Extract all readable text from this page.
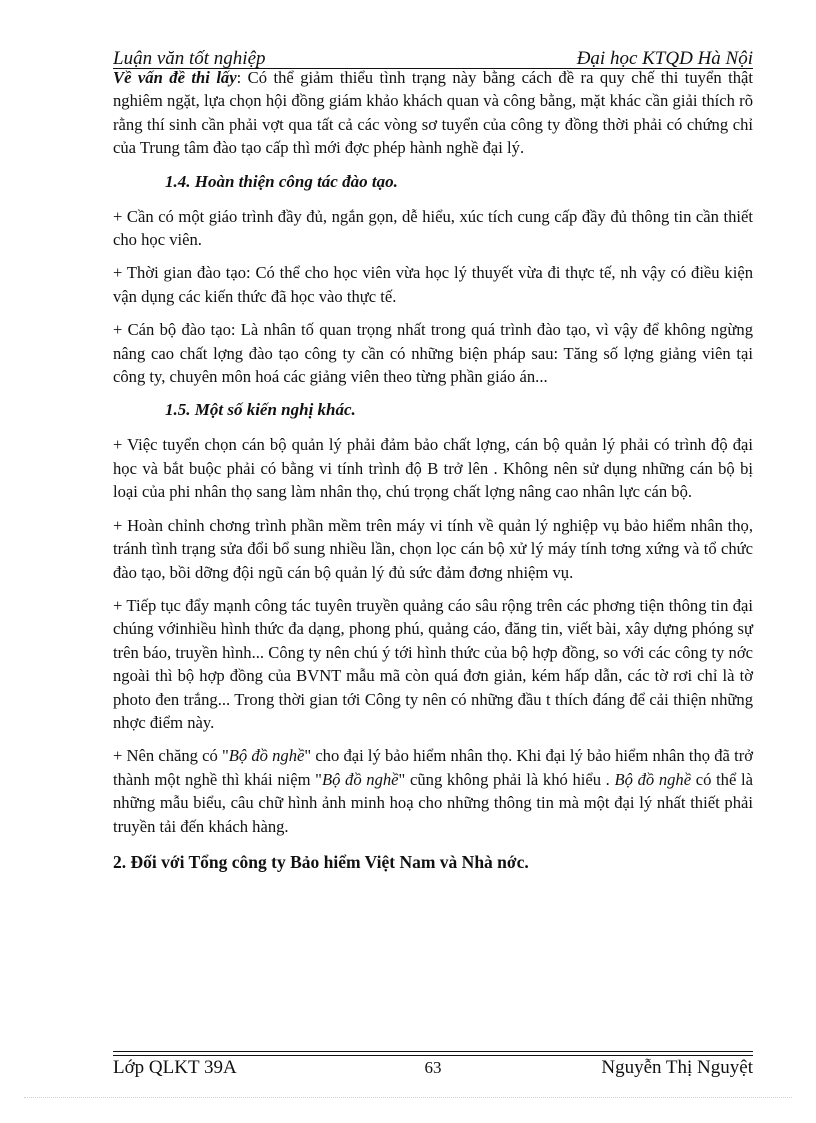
Luận văn tốt nghiệp	Đại học KTQD Hà Nội

Về vấn đề thi lấy: Có thể giảm thiểu tình trạng này bằng cách đề ra quy chế thi tuyển thật nghiêm ngặt, lựa chọn hội đồng giám khảo khách quan và công bằng, mặt khác cần giải thích rõ rằng thí sinh cần phải vợt qua tất cả các vòng sơ tuyển của công ty đồng thời phải có chứng chỉ của Trung tâm đào tạo cấp thì mới đợc phép hành nghề đại lý.

1.4. Hoàn thiện công tác đào tạo.

+ Cần có một giáo trình đầy đủ, ngắn gọn, dễ hiểu, xúc tích cung cấp đầy đủ thông tin cần thiết cho học viên.

+ Thời gian đào tạo: Có thể cho học viên vừa học lý thuyết vừa đi thực tế, nh vậy có điều kiện vận dụng các kiến thức đã học vào thực tế.

+ Cán bộ đào tạo: Là nhân tố quan trọng nhất trong quá trình đào tạo, vì vậy để không ngừng nâng cao chất lợng đào tạo công ty cần có những biện pháp sau: Tăng số lợng giảng viên tại công ty, chuyên môn hoá các giảng viên theo từng phần giáo án...

1.5. Một số kiến nghị khác.

+ Việc tuyển chọn cán bộ quản lý phải đảm bảo chất lợng, cán bộ quản lý phải có trình độ đại học và bắt buộc phải có bằng vi tính trình độ B trở lên . Không nên sử dụng những cán bộ bị loại của phi nhân thọ sang làm nhân thọ, chú trọng chất lợng nâng cao nhân lực cán bộ.

+ Hoàn chỉnh chơng trình phần mềm trên máy vi tính về quản lý nghiệp vụ bảo hiểm nhân thọ, tránh tình trạng sửa đổi bổ sung nhiều lần, chọn lọc cán bộ xử lý máy tính tơng xứng và tổ chức đào tạo, bồi dỡng đội ngũ cán bộ quản lý đủ sức đảm đơng nhiệm vụ.

+ Tiếp tục đẩy mạnh công tác tuyên truyền quảng cáo sâu rộng trên các phơng tiện thông tin đại chúng vớinhiều hình thức đa dạng, phong phú, quảng cáo, đăng tin, viết bài, xây dựng phóng sự trên báo, truyền hình... Công ty nên chú ý tới hình thức của bộ hợp đồng, so với các công ty nớc ngoài thì bộ hợp đồng của BVNT mẫu mã còn quá đơn giản, kém hấp dẫn, các tờ rơi chỉ là tờ photo đen trắng... Trong thời gian tới Công ty nên có những đầu t thích đáng để cải thiện những nhợc điểm này.

+ Nên chăng có "Bộ đồ nghề" cho đại lý bảo hiểm nhân thọ. Khi đại lý bảo hiểm nhân thọ đã trở thành một nghề thì khái niệm "Bộ đồ nghề" cũng không phải là khó hiểu . Bộ đồ nghề có thể là những mẫu biểu, câu chữ hình ảnh minh hoạ cho những thông tin mà một đại lý nhất thiết phải truyền tải đến khách hàng.

2. Đối với Tổng công ty Bảo hiểm Việt Nam và Nhà nớc.
Lớp QLKT 39A	63	Nguyễn Thị Nguyệt
